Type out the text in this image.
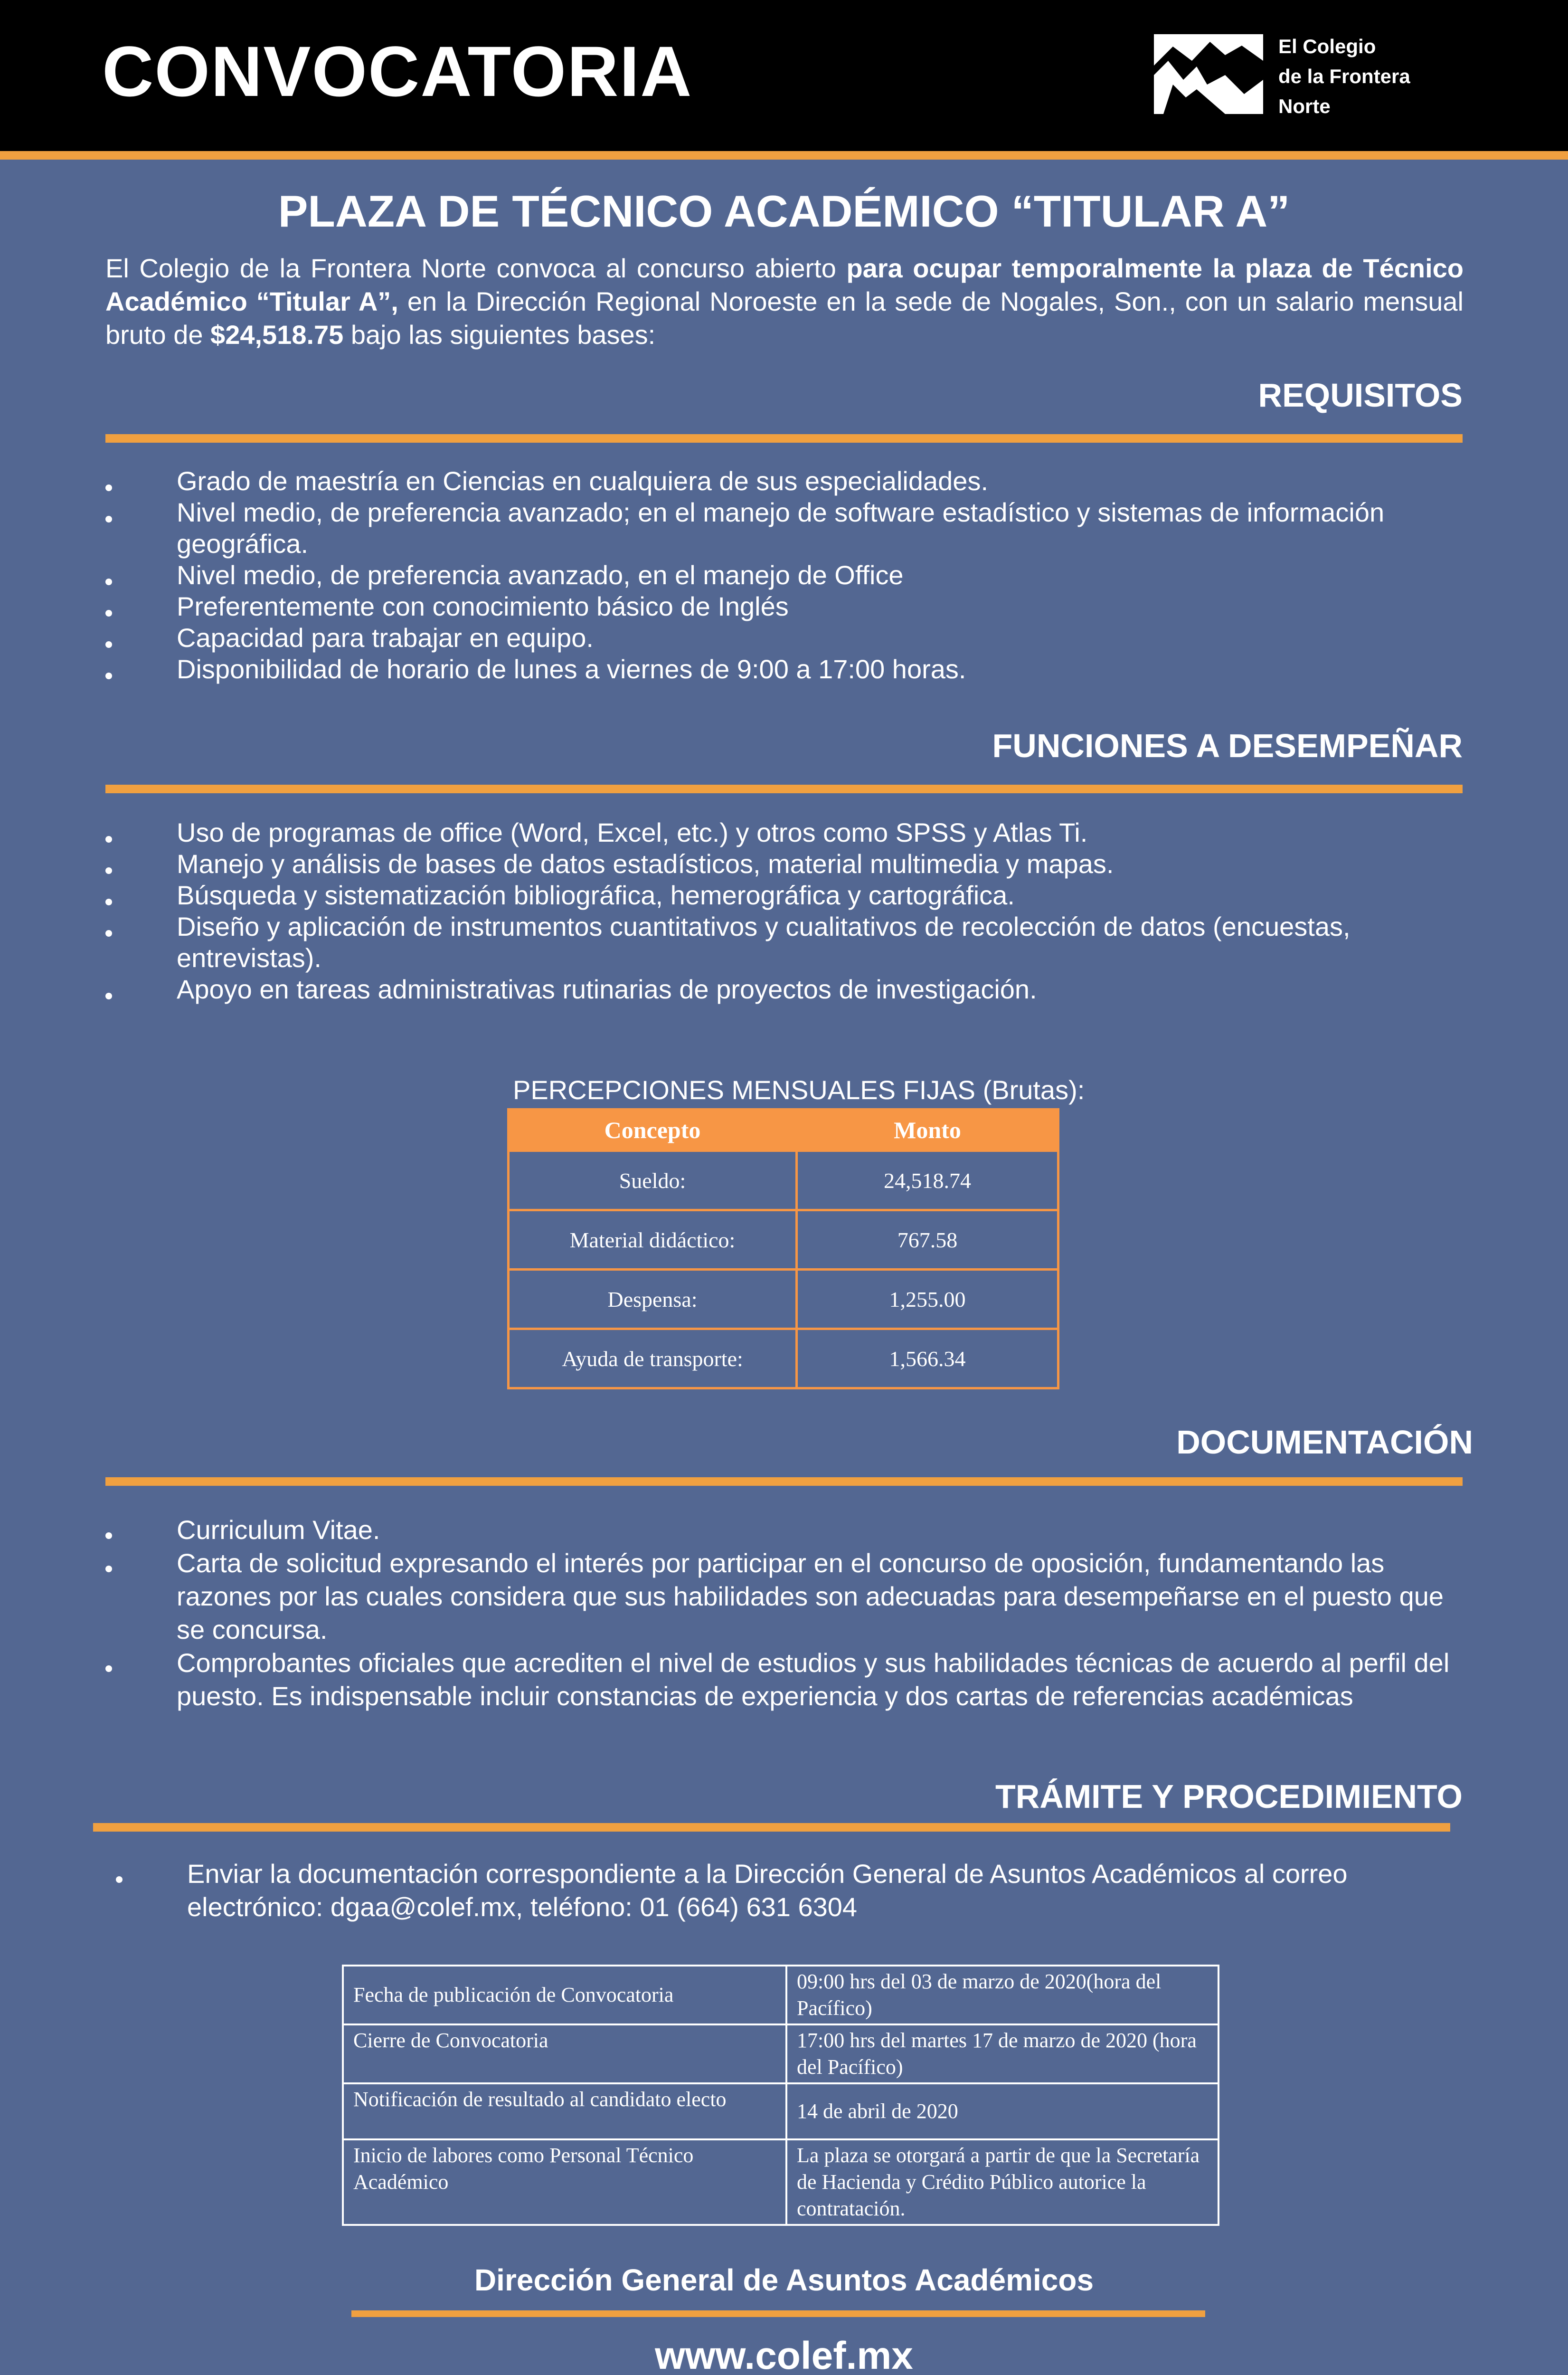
CONVOCATORIA	El Colegio
de la Frontera
Norte
PLAZA DE TÉCNICO ACADÉMICO “TITULAR A”
El Colegio de la Frontera Norte convoca al concurso abierto para ocupar temporalmente la plaza de Técnico Académico “Titular A”, en la Dirección Regional Noroeste en la sede de Nogales, Son., con un salario mensual bruto de $24,518.75 bajo las siguientes bases:
REQUISITOS
Grado de maestría en Ciencias en cualquiera de sus especialidades.
Nivel medio, de preferencia avanzado; en el manejo de software estadístico y sistemas de información geográfica.
Nivel medio, de preferencia avanzado, en el manejo de Office
Preferentemente con conocimiento básico de Inglés
Capacidad para trabajar en equipo.
Disponibilidad de horario de lunes a viernes de 9:00 a 17:00 horas.
FUNCIONES A DESEMPEÑAR
Uso de programas de office (Word, Excel, etc.) y otros como SPSS y Atlas Ti.
Manejo y análisis de bases de datos estadísticos, material multimedia y mapas.
Búsqueda y sistematización bibliográfica, hemerográfica y cartográfica.
Diseño y aplicación de instrumentos cuantitativos y cualitativos de recolección de datos (encuestas, entrevistas).
Apoyo en tareas administrativas rutinarias de proyectos de investigación.
PERCEPCIONES MENSUALES FIJAS (Brutas):
Concepto	Monto
Sueldo:	24,518.74
Material didáctico:	767.58
Despensa:	1,255.00
Ayuda de transporte:	1,566.34
DOCUMENTACIÓN
Curriculum Vitae.
Carta de solicitud expresando el interés por participar en el concurso de oposición, fundamentando las razones por las cuales considera que sus habilidades son adecuadas para desempeñarse en el puesto que se concursa.
Comprobantes oficiales que acrediten el nivel de estudios y sus habilidades técnicas de acuerdo al perfil del puesto. Es indispensable incluir constancias de experiencia y dos cartas de referencias académicas
TRÁMITE Y PROCEDIMIENTO
Enviar la documentación correspondiente a la Dirección General de Asuntos Académicos al correo electrónico: dgaa@colef.mx, teléfono: 01 (664) 631 6304
Fecha de publicación de Convocatoria	09:00 hrs del 03 de marzo de 2020(hora del Pacífico)
Cierre de Convocatoria	17:00 hrs del martes 17 de marzo de 2020 (hora del Pacífico)
Notificación de resultado al candidato electo	14 de abril de 2020
Inicio de labores como Personal Técnico Académico	La plaza se otorgará a partir de que la Secretaría de Hacienda y Crédito Público autorice la contratación.
Dirección General de Asuntos Académicos
www.colef.mx
